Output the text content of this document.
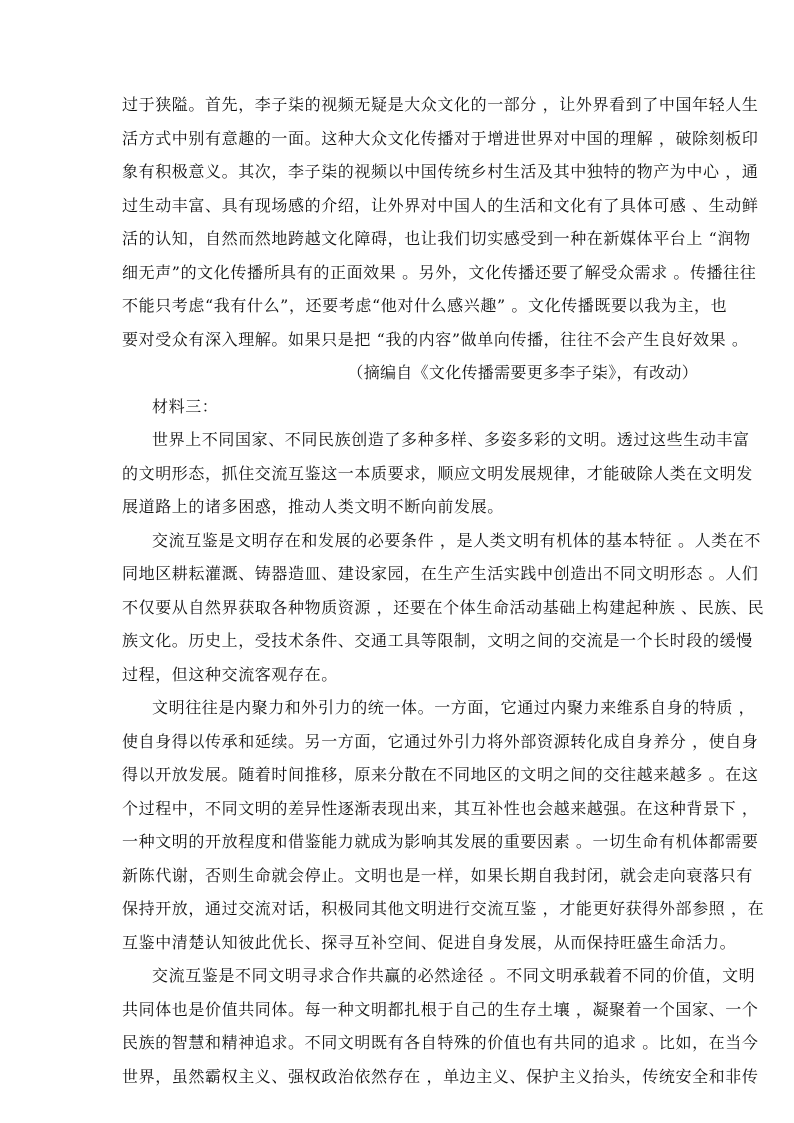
过于狭隘。首先，李子柒的视频无疑是大众文化的一部分 ，让外界看到了中国年轻人生
活方式中别有意趣的一面。这种大众文化传播对于增进世界对中国的理解 ，破除刻板印
象有积极意义。其次，李子柒的视频以中国传统乡村生活及其中独特的物产为中心 ，通
过生动丰富、具有现场感的介绍，让外界对中国人的生活和文化有了具体可感 、生动鲜
活的认知，自然而然地跨越文化障碍，也让我们切实感受到一种在新媒体平台上 “润物
细无声”的文化传播所具有的正面效果 。另外，文化传播还要了解受众需求 。传播往往
不能只考虑“我有什么”，还要考虑“他对什么感兴趣” 。文化传播既要以我为主，也
要对受众有深入理解。如果只是把 “我的内容”做单向传播，往往不会产生良好效果 。
（摘编自《文化传播需要更多李子柒》，有改动）
材料三：
世界上不同国家、不同民族创造了多种多样、多姿多彩的文明。透过这些生动丰富
的文明形态，抓住交流互鉴这一本质要求，顺应文明发展规律，才能破除人类在文明发
展道路上的诸多困惑，推动人类文明不断向前发展。
交流互鉴是文明存在和发展的必要条件 ，是人类文明有机体的基本特征 。人类在不
同地区耕耘灌溉、铸器造皿、建设家园，在生产生活实践中创造出不同文明形态 。人们
不仅要从自然界获取各种物质资源 ，还要在个体生命活动基础上构建起种族 、民族、民
族文化。历史上，受技术条件、交通工具等限制，文明之间的交流是一个长时段的缓慢
过程，但这种交流客观存在。
文明往往是内聚力和外引力的统一体。一方面，它通过内聚力来维系自身的特质 ，
使自身得以传承和延续。另一方面，它通过外引力将外部资源转化成自身养分 ，使自身
得以开放发展。随着时间推移，原来分散在不同地区的文明之间的交往越来越多 。在这
个过程中，不同文明的差异性逐渐表现出来，其互补性也会越来越强。在这种背景下 ，
一种文明的开放程度和借鉴能力就成为影响其发展的重要因素 。一切生命有机体都需要
新陈代谢，否则生命就会停止。文明也是一样，如果长期自我封闭，就会走向衰落只有
保持开放，通过交流对话，积极同其他文明进行交流互鉴 ，才能更好获得外部参照 ，在
互鉴中清楚认知彼此优长、探寻互补空间、促进自身发展，从而保持旺盛生命活力。
交流互鉴是不同文明寻求合作共赢的必然途径 。不同文明承载着不同的价值，文明
共同体也是价值共同体。每一种文明都扎根于自己的生存土壤 ，凝聚着一个国家、一个
民族的智慧和精神追求。不同文明既有各自特殊的价值也有共同的追求 。比如，在当今
世界，虽然霸权主义、强权政治依然存在 ，单边主义、保护主义抬头，传统安全和非传
